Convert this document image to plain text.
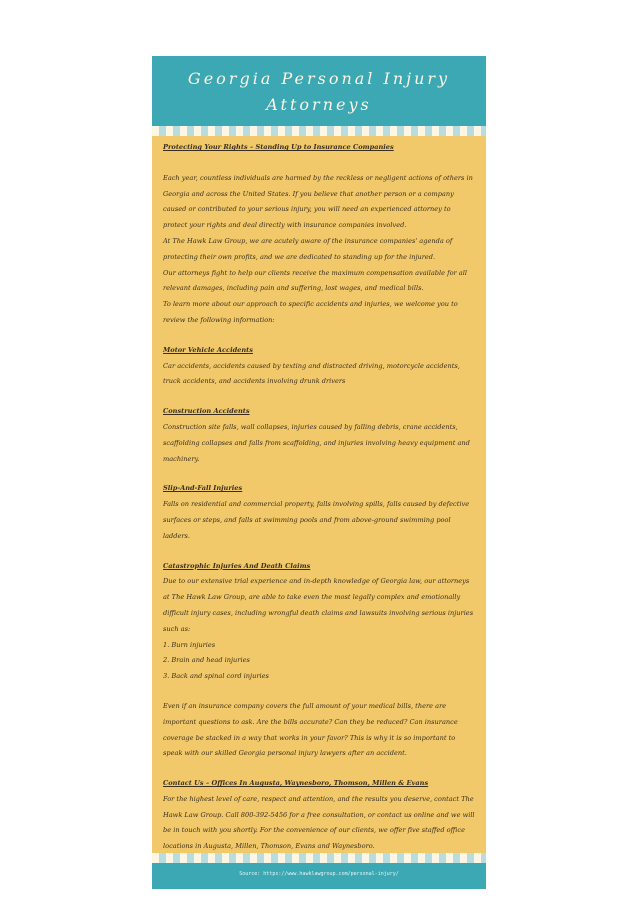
Georgia Personal Injury
Attorneys

Protecting Your Rights – Standing Up to Insurance Companies

Each year, countless individuals are harmed by the reckless or negligent actions of others in Georgia and across the United States. If you believe that another person or a company caused or contributed to your serious injury, you will need an experienced attorney to protect your rights and deal directly with insurance companies involved.

At The Hawk Law Group, we are acutely aware of the insurance companies' agenda of protecting their own profits, and we are dedicated to standing up for the injured.

Our attorneys fight to help our clients receive the maximum compensation available for all relevant damages, including pain and suffering, lost wages, and medical bills.

To learn more about our approach to specific accidents and injuries, we welcome you to review the following information:

Motor Vehicle Accidents

Car accidents, accidents caused by texting and distracted driving, motorcycle accidents, truck accidents, and accidents involving drunk drivers

Construction Accidents

Construction site falls, wall collapses, injuries caused by falling debris, crane accidents, scaffolding collapses and falls from scaffolding, and injuries involving heavy equipment and machinery.

Slip-And-Fall Injuries

Falls on residential and commercial property, falls involving spills, falls caused by defective surfaces or steps, and falls at swimming pools and from above-ground swimming pool ladders.

Catastrophic Injuries And Death Claims

Due to our extensive trial experience and in-depth knowledge of Georgia law, our attorneys at The Hawk Law Group, are able to take even the most legally complex and emotionally difficult injury cases, including wrongful death claims and lawsuits involving serious injuries such as:

1. Burn injuries

2. Brain and head injuries

3. Back and spinal cord injuries

Even if an insurance company covers the full amount of your medical bills, there are important questions to ask. Are the bills accurate? Can they be reduced? Can insurance coverage be stacked in a way that works in your favor? This is why it is so important to speak with our skilled Georgia personal injury lawyers after an accident.

Contact Us – Offices In Augusta, Waynesboro, Thomson, Millen & Evans

For the highest level of care, respect and attention, and the results you deserve, contact The Hawk Law Group. Call 800-392-5456 for a free consultation, or contact us online and we will be in touch with you shortly. For the convenience of our clients, we offer five staffed office locations in Augusta, Millen, Thomson, Evans and Waynesboro.

Source: https://www.hawklawgroup.com/personal-injury/
